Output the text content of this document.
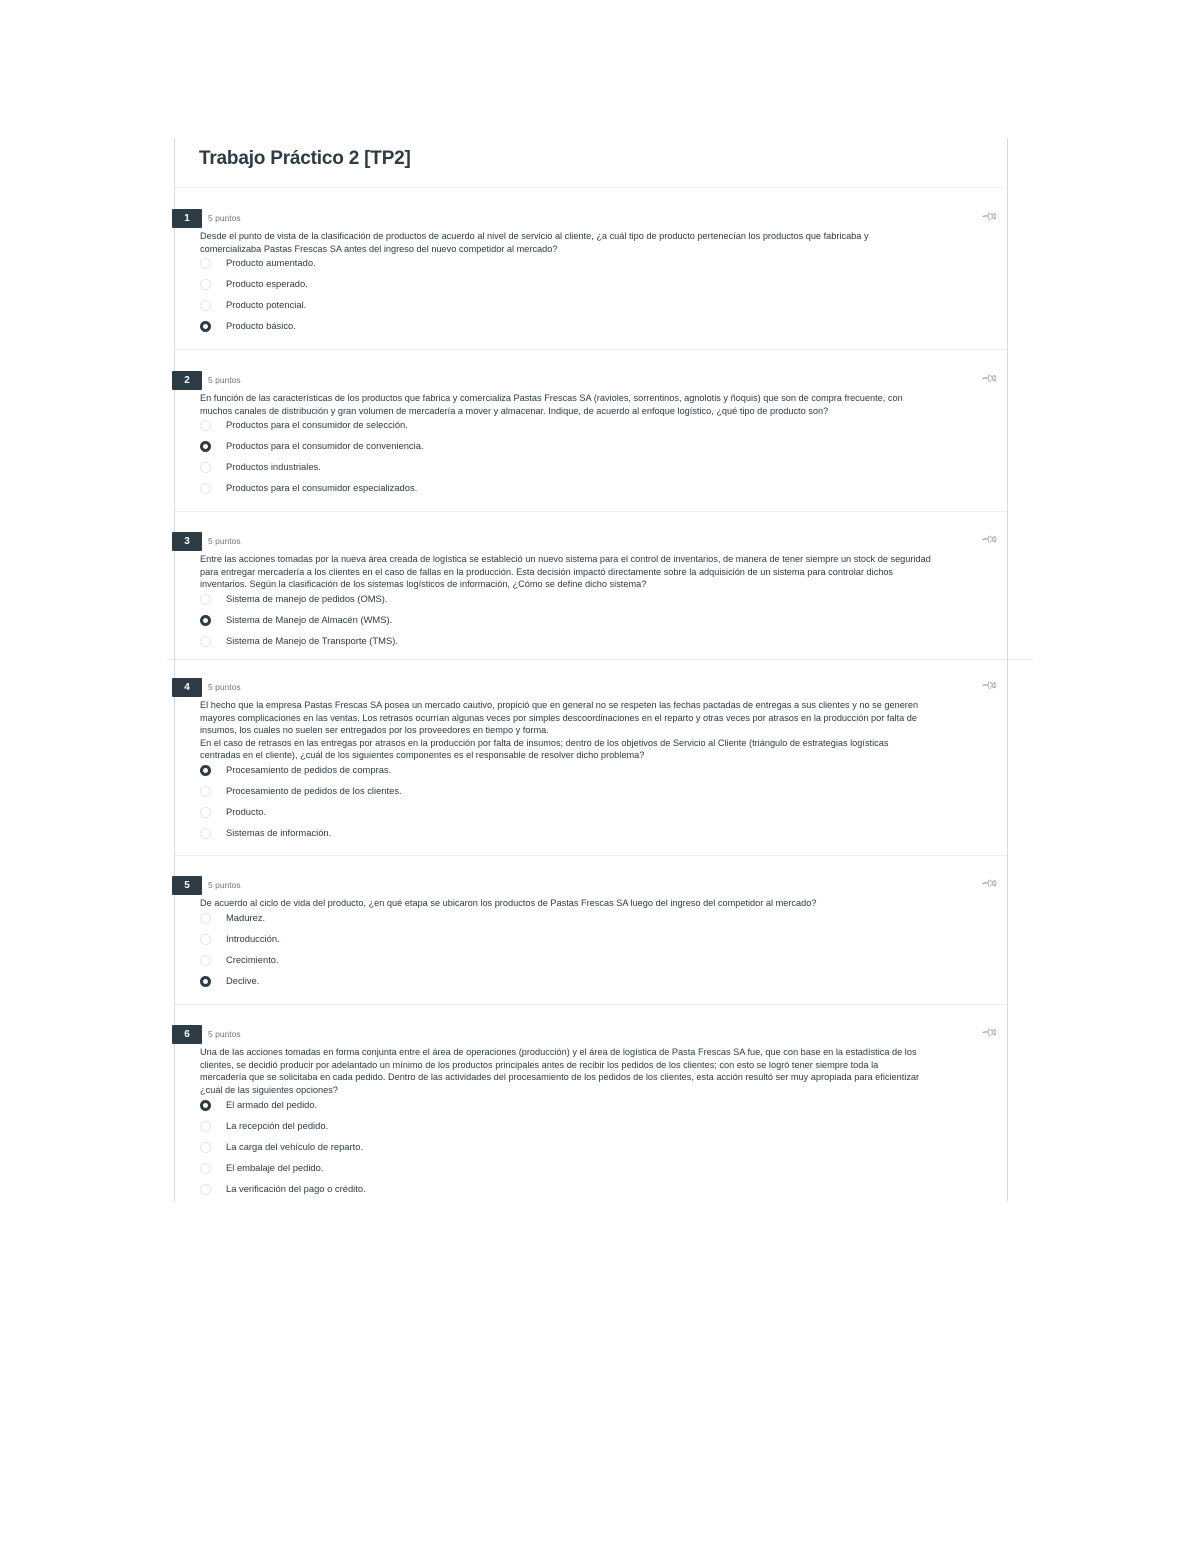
Trabajo Práctico 2 [TP2]
1	5 puntos	📌︎

Desde el punto de vista de la clasificación de productos de acuerdo al nivel de servicio al cliente, ¿a cuál tipo de producto pertenecían los productos que fabricaba y
comercializaba Pastas Frescas SA antes del ingreso del nuevo competidor al mercado?

Producto aumentado.
Producto esperado.
Producto potencial.
Producto básico.
2	5 puntos	📌︎

En función de las características de los productos que fabrica y comercializa Pastas Frescas SA (ravioles, sorrentinos, agnolotis y ñoquis) que son de compra frecuente, con
muchos canales de distribución y gran volumen de mercadería a mover y almacenar. Indique, de acuerdo al enfoque logístico, ¿qué tipo de producto son?

Productos para el consumidor de selección.
Productos para el consumidor de conveniencia.
Productos industriales.
Productos para el consumidor especializados.
3	5 puntos	📌︎

Entre las acciones tomadas por la nueva área creada de logística se estableció un nuevo sistema para el control de inventarios, de manera de tener siempre un stock de seguridad
para entregar mercadería a los clientes en el caso de fallas en la producción. Esta decisión impactó directamente sobre la adquisición de un sistema para controlar dichos
inventarios. Según la clasificación de los sistemas logísticos de información, ¿Cómo se define dicho sistema?

Sistema de manejo de pedidos (OMS).
Sistema de Manejo de Almacén (WMS).
Sistema de Manejo de Transporte (TMS).
4	5 puntos	📌︎

El hecho que la empresa Pastas Frescas SA posea un mercado cautivo, propició que en general no se respeten las fechas pactadas de entregas a sus clientes y no se generen
mayores complicaciones en las ventas. Los retrasos ocurrían algunas veces por simples descoordinaciones en el reparto y otras veces por atrasos en la producción por falta de
insumos, los cuales no suelen ser entregados por los proveedores en tiempo y forma.
En el caso de retrasos en las entregas por atrasos en la producción por falta de insumos; dentro de los objetivos de Servicio al Cliente (triángulo de estrategias logísticas
centradas en el cliente), ¿cuál de los siguientes componentes es el responsable de resolver dicho problema?

Procesamiento de pedidos de compras.
Procesamiento de pedidos de los clientes.
Producto.
Sistemas de información.
5	5 puntos	📌︎

De acuerdo al ciclo de vida del producto, ¿en qué etapa se ubicaron los productos de Pastas Frescas SA luego del ingreso del competidor al mercado?

Madurez.
Introducción.
Crecimiento.
Declive.
6	5 puntos	📌︎

Una de las acciones tomadas en forma conjunta entre el área de operaciones (producción) y el área de logística de Pasta Frescas SA fue, que con base en la estadística de los
clientes, se decidió producir por adelantado un mínimo de los productos principales antes de recibir los pedidos de los clientes; con esto se logró tener siempre toda la
mercadería que se solicitaba en cada pedido. Dentro de las actividades del procesamiento de los pedidos de los clientes, esta acción resultó ser muy apropiada para eficientizar
¿cuál de las siguientes opciones?

El armado del pedido.
La recepción del pedido.
La carga del vehículo de reparto.
El embalaje del pedido.
La verificación del pago o crédito.
